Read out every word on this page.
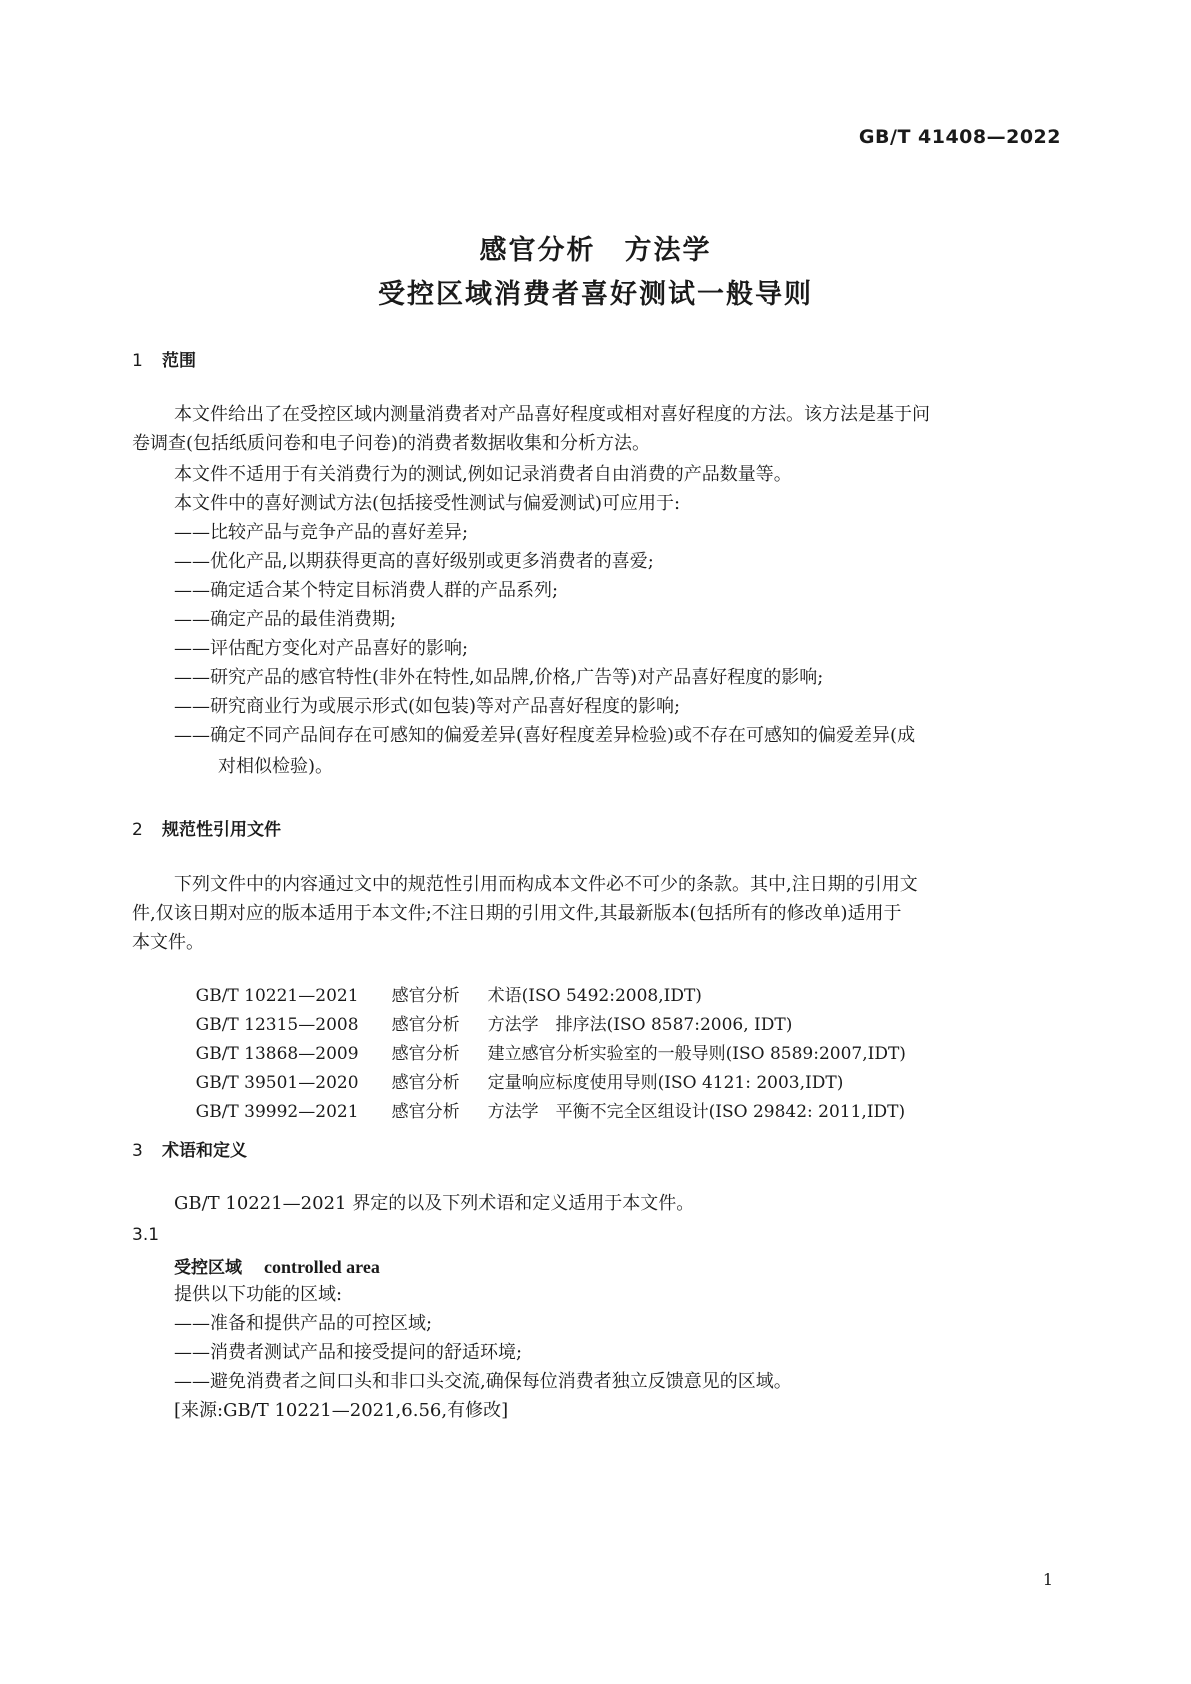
GB/T 41408—2022
感官分析　方法学
受控区域消费者喜好测试一般导则
1 范围
本文件给出了在受控区域内测量消费者对产品喜好程度或相对喜好程度的方法。该方法是基于问
卷调查(包括纸质问卷和电子问卷)的消费者数据收集和分析方法。
本文件不适用于有关消费行为的测试,例如记录消费者自由消费的产品数量等。
本文件中的喜好测试方法(包括接受性测试与偏爱测试)可应用于:
——比较产品与竞争产品的喜好差异;
——优化产品,以期获得更高的喜好级别或更多消费者的喜爱;
——确定适合某个特定目标消费人群的产品系列;
——确定产品的最佳消费期;
——评估配方变化对产品喜好的影响;
——研究产品的感官特性(非外在特性,如品牌,价格,广告等)对产品喜好程度的影响;
——研究商业行为或展示形式(如包装)等对产品喜好程度的影响;
——确定不同产品间存在可感知的偏爱差异(喜好程度差异检验)或不存在可感知的偏爱差异(成
对相似检验)。
2 规范性引用文件
下列文件中的内容通过文中的规范性引用而构成本文件必不可少的条款。其中,注日期的引用文
件,仅该日期对应的版本适用于本文件;不注日期的引用文件,其最新版本(包括所有的修改单)适用于
本文件。

GB/T 10221—2021 感官分析 术语(ISO 5492:2008,IDT)

GB/T 12315—2008 感官分析 方法学　排序法(ISO 8587:2006, IDT)

GB/T 13868—2009 感官分析 建立感官分析实验室的一般导则(ISO 8589:2007,IDT)

GB/T 39501—2020 感官分析 定量响应标度使用导则(ISO 4121: 2003,IDT)

GB/T 39992—2021 感官分析 方法学　平衡不完全区组设计(ISO 29842: 2011,IDT)

3 术语和定义
GB/T 10221—2021 界定的以及下列术语和定义适用于本文件。
3.1
受控区域 controlled area
提供以下功能的区域:
——准备和提供产品的可控区域;
——消费者测试产品和接受提问的舒适环境;
——避免消费者之间口头和非口头交流,确保每位消费者独立反馈意见的区域。
[来源:GB/T 10221—2021,6.56,有修改]
1
